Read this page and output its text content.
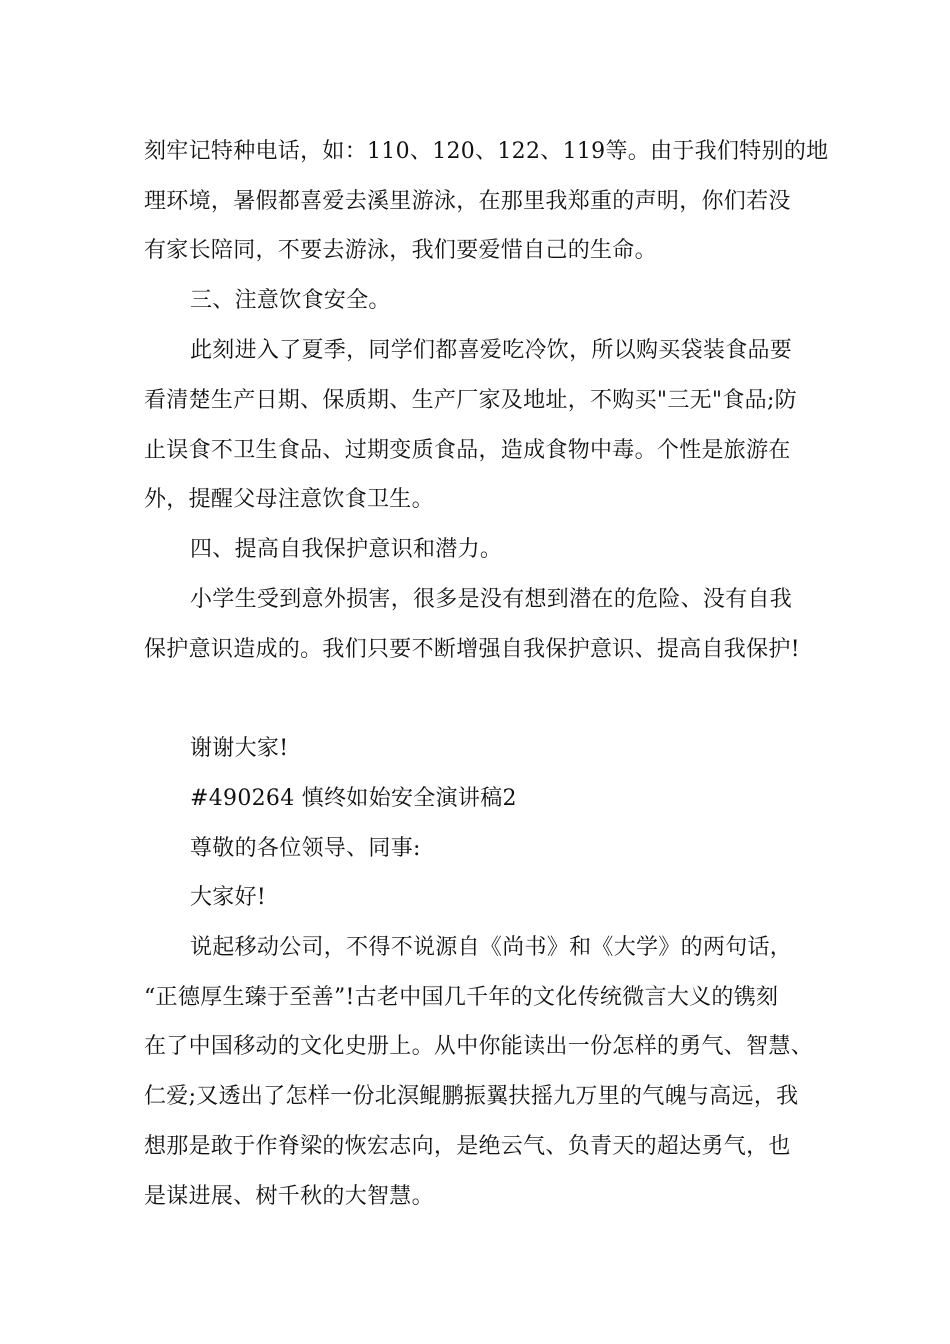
刻牢记特种电话，如：110、120、122、119等。由于我们特别的地
理环境，暑假都喜爱去溪里游泳，在那里我郑重的声明，你们若没
有家长陪同，不要去游泳，我们要爱惜自己的生命。
三、注意饮食安全。
此刻进入了夏季，同学们都喜爱吃冷饮，所以购买袋装食品要
看清楚生产日期、保质期、生产厂家及地址，不购买"三无"食品;防
止误食不卫生食品、过期变质食品，造成食物中毒。个性是旅游在
外，提醒父母注意饮食卫生。
四、提高自我保护意识和潜力。
小学生受到意外损害，很多是没有想到潜在的危险、没有自我
保护意识造成的。我们只要不断增强自我保护意识、提高自我保护!
谢谢大家!
#490264 慎终如始安全演讲稿2
尊敬的各位领导、同事:
大家好!
说起移动公司，不得不说源自《尚书》和《大学》的两句话，
“正德厚生臻于至善”!古老中国几千年的文化传统微言大义的镌刻
在了中国移动的文化史册上。从中你能读出一份怎样的勇气、智慧、
仁爱;又透出了怎样一份北溟鲲鹏振翼扶摇九万里的气魄与高远，我
想那是敢于作脊梁的恢宏志向，是绝云气、负青天的超达勇气，也
是谋进展、树千秋的大智慧。
